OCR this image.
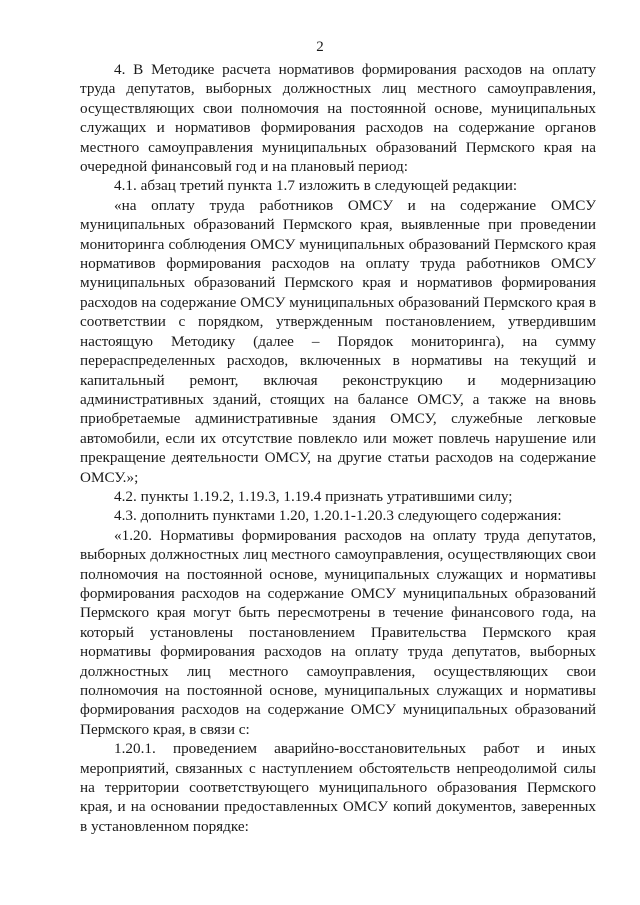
2

4. В Методике расчета нормативов формирования расходов на оплату труда депутатов, выборных должностных лиц местного самоуправления, осуществляющих свои полномочия на постоянной основе, муниципальных служащих и нормативов формирования расходов на содержание органов местного самоуправления муниципальных образований Пермского края на очередной финансовый год и на плановый период:

4.1. абзац третий пункта 1.7 изложить в следующей редакции:

«на оплату труда работников ОМСУ и на содержание ОМСУ муниципальных образований Пермского края, выявленные при проведении мониторинга соблюдения ОМСУ муниципальных образований Пермского края нормативов формирования расходов на оплату труда работников ОМСУ муниципальных образований Пермского края и нормативов формирования расходов на содержание ОМСУ муниципальных образований Пермского края в соответствии с порядком, утвержденным постановлением, утвердившим настоящую Методику (далее – Порядок мониторинга), на сумму перераспределенных расходов, включенных в нормативы на текущий и капитальный ремонт, включая реконструкцию и модернизацию административных зданий, стоящих на балансе ОМСУ, а также на вновь приобретаемые административные здания ОМСУ, служебные легковые автомобили, если их отсутствие повлекло или может повлечь нарушение или прекращение деятельности ОМСУ, на другие статьи расходов на содержание ОМСУ.»;

4.2. пункты 1.19.2, 1.19.3, 1.19.4 признать утратившими силу;

4.3. дополнить пунктами 1.20, 1.20.1-1.20.3 следующего содержания:

«1.20. Нормативы формирования расходов на оплату труда депутатов, выборных должностных лиц местного самоуправления, осуществляющих свои полномочия на постоянной основе, муниципальных служащих и нормативы формирования расходов на содержание ОМСУ муниципальных образований Пермского края могут быть пересмотрены в течение финансового года, на который установлены постановлением Правительства Пермского края нормативы формирования расходов на оплату труда депутатов, выборных должностных лиц местного самоуправления, осуществляющих свои полномочия на постоянной основе, муниципальных служащих и нормативы формирования расходов на содержание ОМСУ муниципальных образований Пермского края, в связи с:

1.20.1. проведением аварийно-восстановительных работ и иных мероприятий, связанных с наступлением обстоятельств непреодолимой силы на территории соответствующего муниципального образования Пермского края, и на основании предоставленных ОМСУ копий документов, заверенных в установленном порядке:
